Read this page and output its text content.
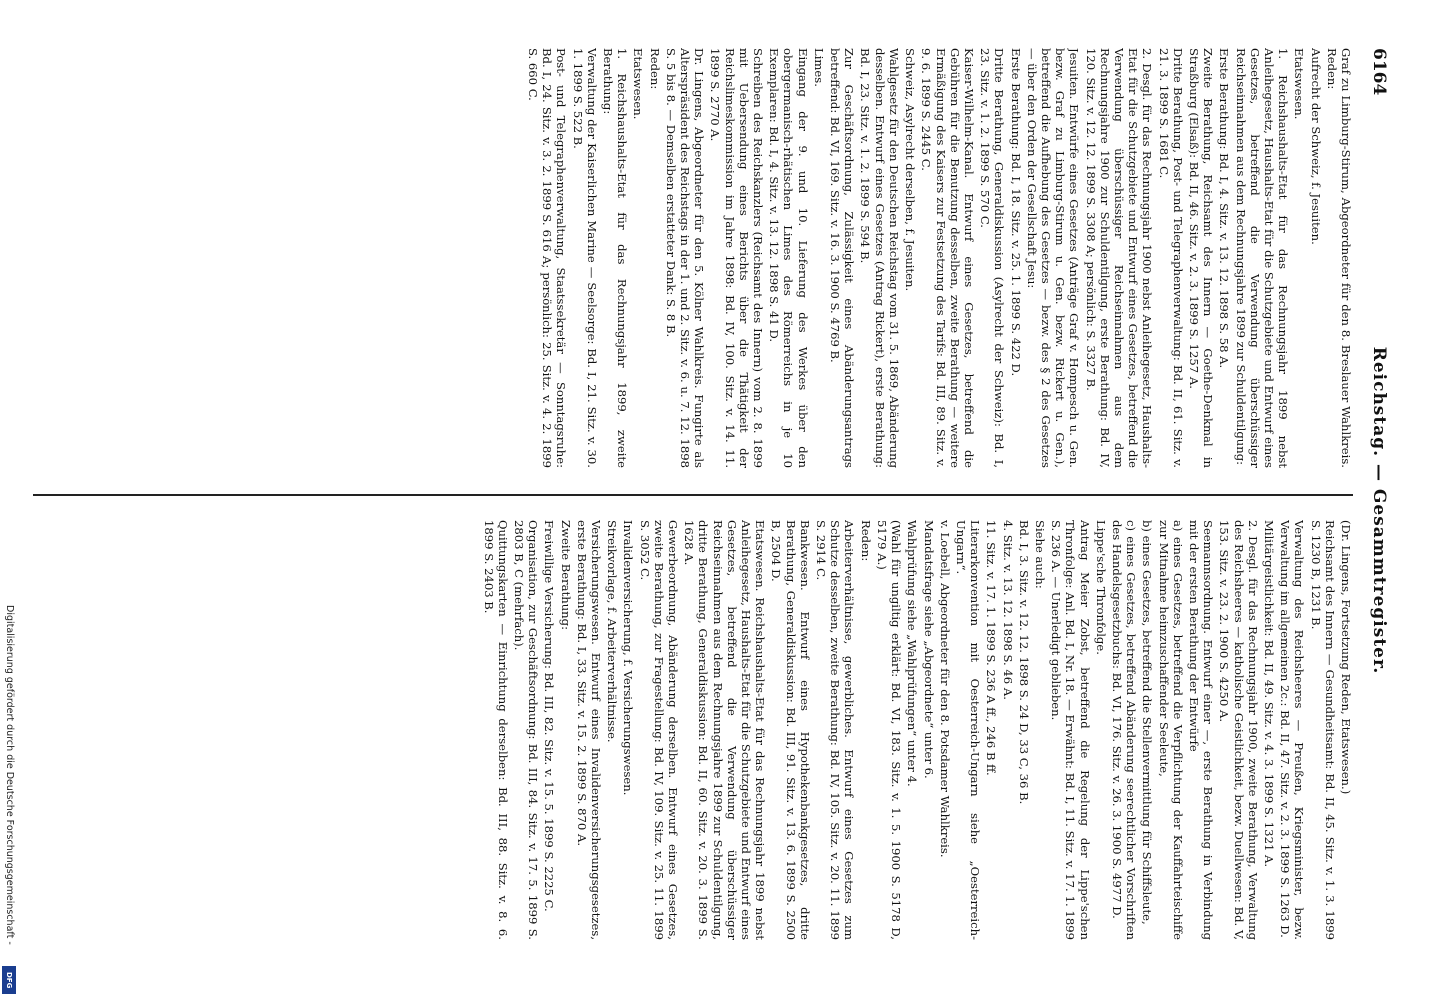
6164
Reichstag. — Gesammtregister.
Graf zu Limburg-Stirum, Abgeordneter für den 8. Breslauer Wahlkreis. Reden:
Aufrecht der Schweiz, f. Jesuiten.
Etatswesen.
1. Reichshaushalts-Etat für das Rechnungsjahr 1899 nebst Anleihegesetz, Haushalts-Etat für die Schutzgebiete und Entwurf eines Gesetzes, betreffend die Verwendung überschüssiger Reichseinnahmen aus dem Rechnungsjahre 1899 zur Schuldentilgung:
Erste Berathung: Bd. I, 4. Sitz. v. 13. 12. 1898 S. 58 A.
Zweite Berathung, Reichsamt des Innern — Goethe-Denkmal in Straßburg (Elsaß): Bd. II, 46. Sitz. v. 2. 3. 1899 S. 1257 A.
Dritte Berathung, Post- und Telegraphenverwaltung: Bd. II, 61. Sitz. v. 21. 3. 1899 S. 1681 C.
2. Desgl. für das Rechnungsjahr 1900 nebst Anleihegesetz, Haushalts-Etat für die Schutzgebiete und Entwurf eines Gesetzes, betreffend die Verwendung überschüssiger Reichseinnahmen aus dem Rechnungsjahre 1900 zur Schuldentilgung, erste Berathung: Bd. IV, 120. Sitz. v. 12. 12. 1899 S. 3308 A; persönlich: S. 3327 B.
Jesuiten. Entwürfe eines Gesetzes (Anträge Graf v. Hompesch u. Gen. bezw. Graf zu Limburg-Stirum u. Gen. bezw. Rickert u. Gen.), betreffend die Aufhebung des Gesetzes — bezw. des § 2 des Gesetzes — über den Orden der Gesellschaft Jesu:
Erste Berathung: Bd. I, 18. Sitz. v. 25. 1. 1899 S. 422 D.
Dritte Berathung, Generaldiskussion (Asylrecht der Schweiz): Bd. I, 23. Sitz. v. 1. 2. 1899 S. 570 C.
Kaiser-Wilhelm-Kanal. Entwurf eines Gesetzes, betreffend die Gebühren für die Benutzung desselben, zweite Berathung — weitere Ermäßigung des Kaisers zur Festsetzung des Tarifs: Bd. III, 89. Sitz. v. 9. 6. 1899 S. 2445 C.
Schweiz, Asylrecht derselben, f. Jesuiten.
Wahlgesetz für den Deutschen Reichstag vom 31. 5. 1869, Abänderung desselben. Entwurf eines Gesetzes (Antrag Rickert), erste Berathung: Bd. I, 23. Sitz. v. 1. 2. 1899 S. 594 B.
Zur Geschäftsordnung, Zulässigkeit eines Abänderungsantrags betreffend: Bd. VI, 169. Sitz. v. 16. 3. 1900 S. 4769 B.
Limes.
Eingang der 9. und 10. Lieferung des Werkes über den obergermanisch-rhätischen Limes des Römerreichs in je 10 Exemplaren: Bd. I, 4. Sitz. v. 13. 12. 1898 S. 41 D.
Schreiben des Reichskanzlers (Reichsamt des Innern) vom 2. 8. 1899 mit Uebersendung eines Berichts über die Thätigkeit der Reichslimeskommission im Jahre 1898: Bd. IV, 100. Sitz. v. 14. 11. 1899 S. 2770 A.
Dr. Lingens, Abgeordneter für den 5. Kölner Wahlkreis. Fungirte als Alterspräsident des Reichstags in der 1. und 2. Sitz. v. 6. u. 7. 12. 1898 S. 5 bis 8. — Demselben erstatteter Dank: S. 8 B.
Reden:
Etatswesen.
1. Reichshaushalts-Etat für das Rechnungsjahr 1899, zweite Berathung:
Verwaltung der Kaiserlichen Marine — Seelsorge: Bd. I, 21. Sitz. v. 30. 1. 1899 S. 522 B.
Post- und Telegraphenverwaltung, Staatssekretär — Sonntagsruhe: Bd. I, 24. Sitz. v. 3. 2. 1899 S. 616 A; persönlich: 25. Sitz. v. 4. 2. 1899 S. 660 C.
(Dr. Lingens, Fortsetzung Reden, Etatswesen.)
Reichsamt des Innern — Gesundheitsamt: Bd. II, 45. Sitz. v. 1. 3. 1899 S. 1230 B, 1231 B.
Verwaltung des Reichsheeres — Preußen, Kriegsminister, bezw. Verwaltung im allgemeinen 2c.: Bd. II, 47. Sitz. v. 2. 3. 1899 S. 1263 D.
Militärgeistlichkeit: Bd. II, 49. Sitz. v. 4. 3. 1899 S. 1321 A.
2. Desgl. für das Rechnungsjahr 1900, zweite Berathung, Verwaltung des Reichsheeres — katholische Geistlichkeit, bezw. Duellwesen: Bd. V, 153. Sitz. v. 23. 2. 1900 S. 4250 A.
Seemannsordnung. Entwurf einer —, erste Berathung in Verbindung mit der ersten Berathung der Entwürfe
a) eines Gesetzes, betreffend die Verpflichtung der Kauffahrteischiffe zur Mitnahme heimzuschaffender Seeleute,
b) eines Gesetzes, betreffend die Stellenvermittlung für Schiffsleute,
c) eines Gesetzes, betreffend Abänderung seerechtlicher Vorschriften des Handelsgesetzbuchs: Bd. VI, 176. Sitz. v. 26. 3. 1900 S. 4977 D.
Lippe'sche Thronfolge.
Antrag Meier Zobst, betreffend die Regelung der Lippe'schen Thronfolge: Anl. Bd. I, Nr. 18. — Erwähnt: Bd. I, 11. Sitz. v. 17. 1. 1899 S. 236 A. — Unerledigt geblieben.
Siehe auch:
Bd. I, 3. Sitz. v. 12. 12. 1898 S. 24 D, 33 C, 36 B.
4. Sitz. v. 13. 12. 1898 S. 46 A.
11. Sitz. v. 17. 1. 1899 S. 236 A ff., 246 B ff.
Literarkonvention mit Oesterreich-Ungarn siehe „Oesterreich-Ungarn“.
v. Loebell, Abgeordneter für den 8. Potsdamer Wahlkreis.
Mandatsfrage siehe „Abgeordnete“ unter 6.
Wahlprüfung siehe „Wahlprüfungen“ unter 4.
(Wahl für ungiltig erklärt: Bd. VI, 183. Sitz. v. 1. 5. 1900 S. 5178 D, 5179 A.)
Reden:
Arbeiterverhältnisse, gewerbliches. Entwurf eines Gesetzes zum Schutze desselben, zweite Berathung: Bd. IV, 105. Sitz. v. 20. 11. 1899 S. 2914 C.
Bankwesen. Entwurf eines Hypothekenbankgesetzes, dritte Berathung, Generaldiskussion: Bd. III, 91. Sitz. v. 13. 6. 1899 S. 2500 B, 2504 D.
Etatswesen. Reichshaushalts-Etat für das Rechnungsjahr 1899 nebst Anleihegesetz, Haushalts-Etat für die Schutzgebiete und Entwurf eines Gesetzes, betreffend die Verwendung überschüssiger Reichseinnahmen aus dem Rechnungsjahre 1899 zur Schuldentilgung, dritte Berathung, Generaldiskussion: Bd. II, 60. Sitz. v. 20. 3. 1899 S. 1628 A.
Gewerbeordnung, Abänderung derselben. Entwurf eines Gesetzes, zweite Berathung, zur Fragestellung: Bd. IV, 109. Sitz. v. 25. 11. 1899 S. 3052 C.
Invalidenversicherung, f. Versicherungswesen.
Streikvorlage, f. Arbeiterverhältnisse.
Versicherungswesen. Entwurf eines Invalidenversicherungsgesetzes, erste Berathung: Bd. I, 33. Sitz. v. 15. 2. 1899 S. 870 A.
Zweite Berathung:
Freiwillige Versicherung: Bd. III, 82. Sitz. v. 15. 5. 1899 S. 2225 C.
Organisation, zur Geschäftsordnung: Bd. III, 84. Sitz. v. 17. 5. 1899 S. 2803 B, C (mehrfach).
Quittungskarten — Einrichtung derselben: Bd. III, 88. Sitz. v. 8. 6. 1899 S. 2403 B.
Digitalisierung gefördert durch die Deutsche Forschungsgemeinschaft -
DFG
